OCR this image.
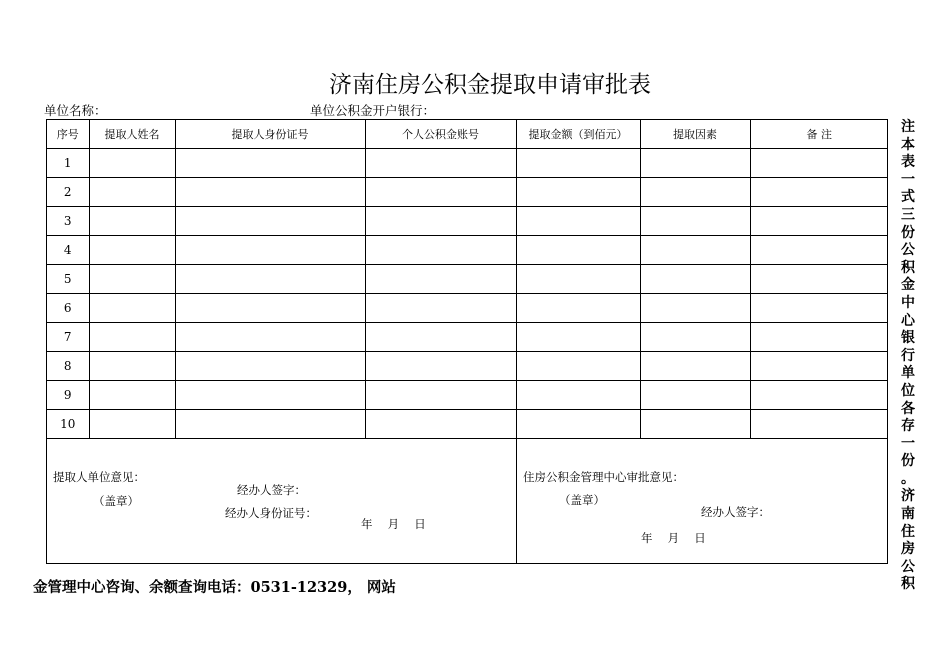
济南住房公积金提取申请审批表
单位名称：	单位公积金开户银行：
序号	提取人姓名	提取人身份证号	个人公积金账号	提取金额（到佰元）	提取因素	备 注
1						
2						
3						
4						
5						
6						
7						
8						
9						
10						
提取人单位意见：
（盖章）
经办人签字：
经办人身份证号：
年　 月　 日
住房公积金管理中心审批意见：
（盖章）
经办人签字：
年　 月　 日
注
本
表
一
式
三
份
公
积
金
中
心
银
行
单
位
各
存
一
份
。
济
南
住
房
公
积
金管理中心咨询、余额查询电话：0531-12329， 网站
